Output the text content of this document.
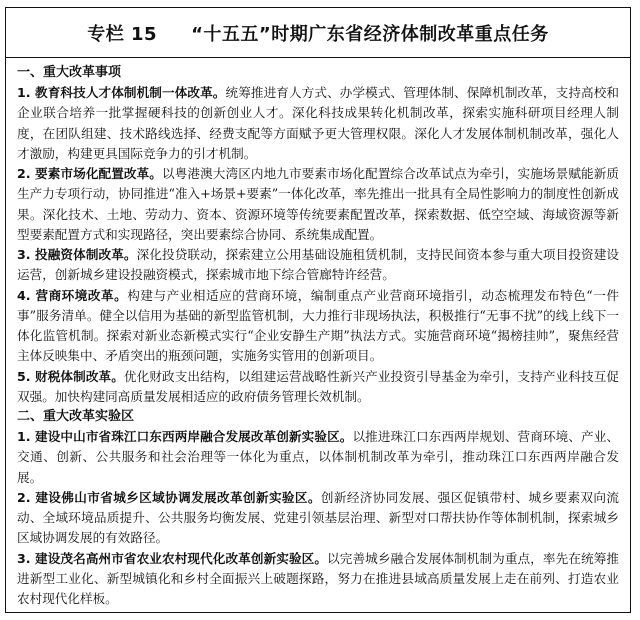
专栏 15 “十五五”时期广东省经济体制改革重点任务
一、重大改革事项
1. 教育科技人才体制机制一体改革。统筹推进育人方式、办学模式、管理体制、保障机制改革，支持高校和企业联合培养一批掌握硬科技的创新创业人才。深化科技成果转化机制改革，探索实施科研项目经理人制度，在团队组建、技术路线选择、经费支配等方面赋予更大管理权限。深化人才发展体制机制改革，强化人才激励，构建更具国际竞争力的引才机制。
2. 要素市场化配置改革。以粤港澳大湾区内地九市要素市场化配置综合改革试点为牵引，实施场景赋能新质生产力专项行动，协同推进“准入+场景+要素”一体化改革，率先推出一批具有全局性影响力的制度性创新成果。深化技术、土地、劳动力、资本、资源环境等传统要素配置改革，探索数据、低空空域、海域资源等新型要素配置方式和实现路径，突出要素综合协同、系统集成配置。
3. 投融资体制改革。深化投贷联动，探索建立公用基础设施租赁机制，支持民间资本参与重大项目投资建设运营，创新城乡建设投融资模式，探索城市地下综合管廊特许经营。
4. 营商环境改革。构建与产业相适应的营商环境，编制重点产业营商环境指引，动态梳理发布特色“一件事”服务清单。健全以信用为基础的新型监管机制，大力推行非现场执法，积极推行“无事不扰”的线上线下一体化监管机制。探索对新业态新模式实行“企业安静生产期”执法方式。实施营商环境“揭榜挂帅”，聚焦经营主体反映集中、矛盾突出的瓶颈问题，实施务实管用的创新项目。
5. 财税体制改革。优化财政支出结构，以组建运营战略性新兴产业投资引导基金为牵引，支持产业科技互促双强。加快构建同高质量发展相适应的政府债务管理长效机制。
二、重大改革实验区
1. 建设中山市省珠江口东西两岸融合发展改革创新实验区。以推进珠江口东西两岸规划、营商环境、产业、交通、创新、公共服务和社会治理等一体化为重点，以体制机制改革为牵引，推动珠江口东西两岸融合发展。
2. 建设佛山市省城乡区域协调发展改革创新实验区。创新经济协同发展、强区促镇带村、城乡要素双向流动、全域环境品质提升、公共服务均衡发展、党建引领基层治理、新型对口帮扶协作等体制机制，探索城乡区域协调发展的有效路径。
3. 建设茂名高州市省农业农村现代化改革创新实验区。以完善城乡融合发展体制机制为重点，率先在统筹推进新型工业化、新型城镇化和乡村全面振兴上破题探路，努力在推进县域高质量发展上走在前列、打造农业农村现代化样板。
